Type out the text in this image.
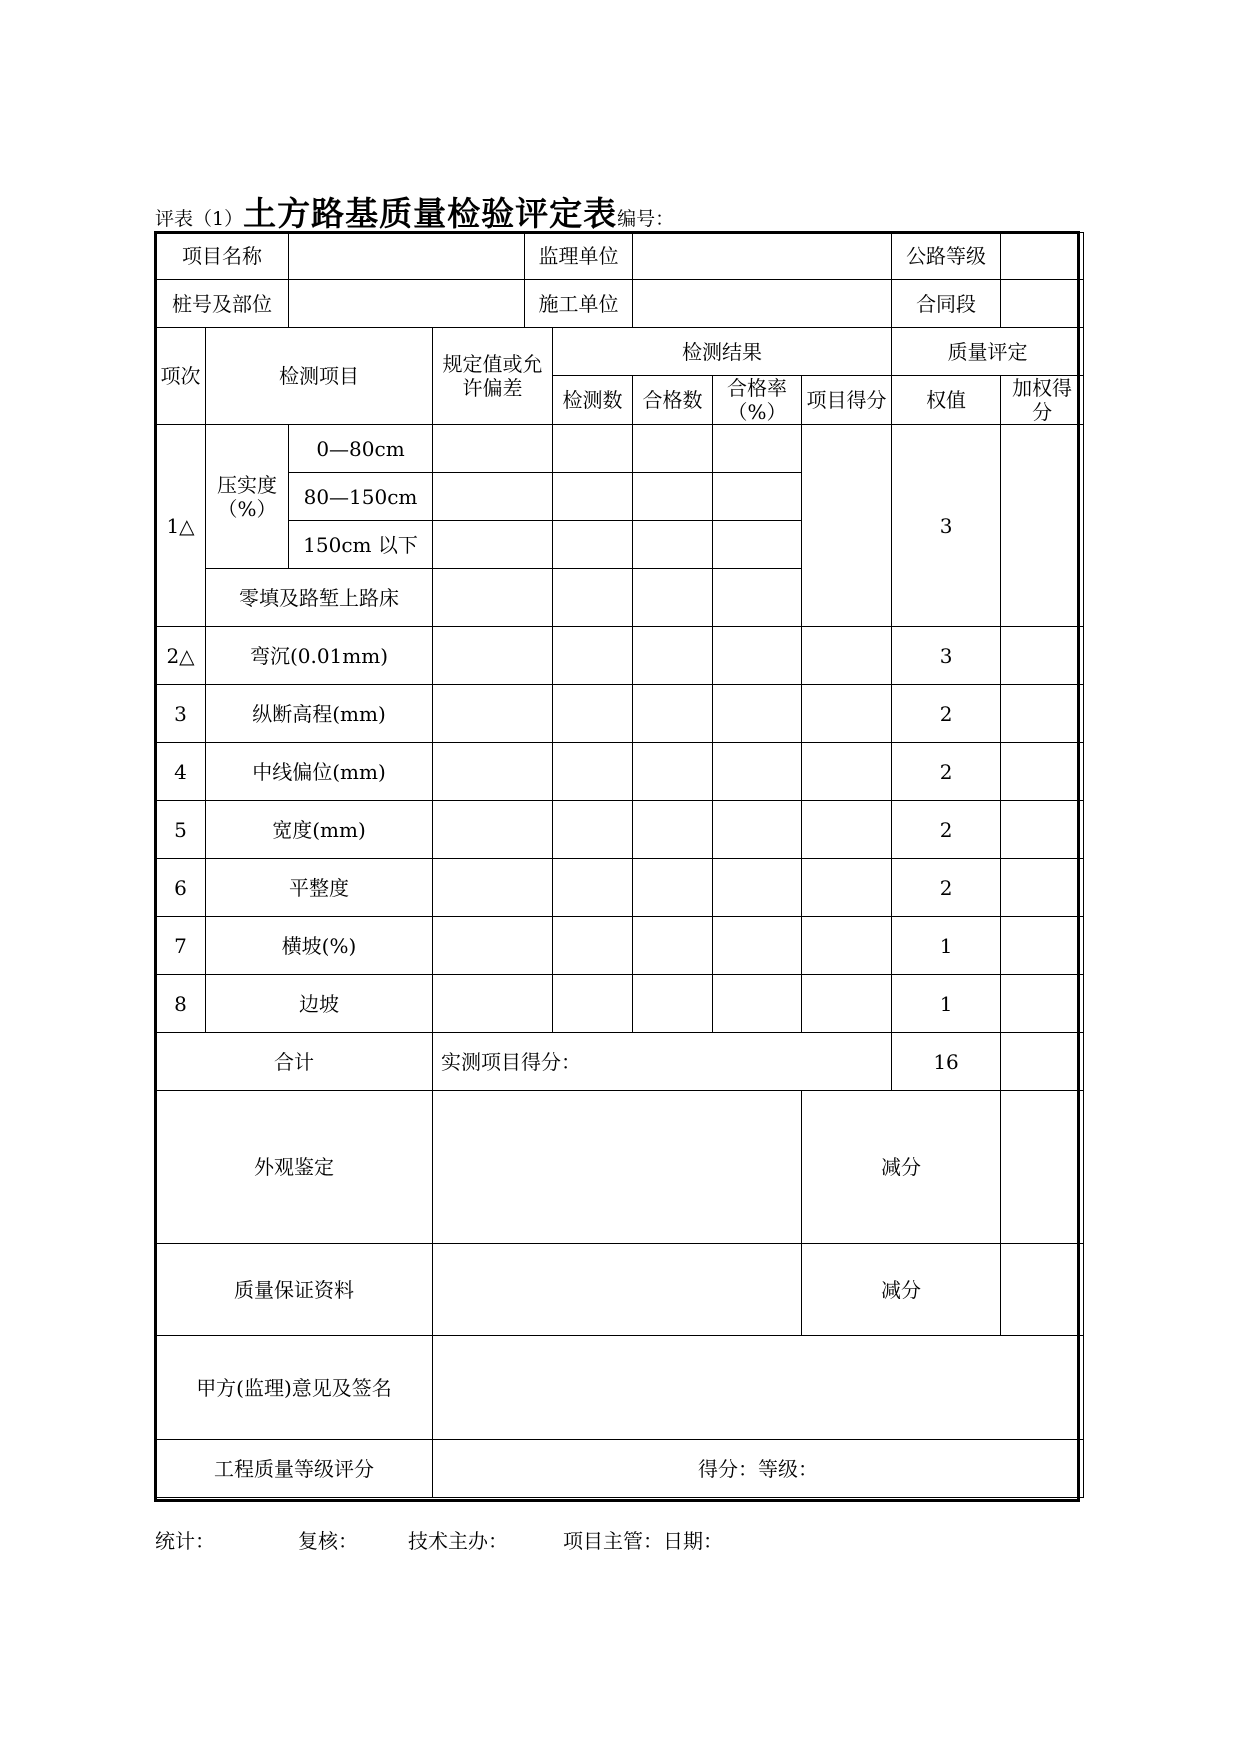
评表（1）土方路基质量检验评定表编号：
项目名称				监理单位					公路等级	
桩号及部位				施工单位					合同段	
项次	检测项目		规定值或允许偏差		检测结果				质量评定	
					检测数	合格数	合格率（%）	项目得分	权值	加权得分
1△	压实度（%）	0—80cm							3	
		80—150cm								
		150cm 以下								
	零填及路堑上路床									
2△	弯沉(0.01mm)								3	
3	纵断高程(mm)								2	
4	中线偏位(mm)								2	
5	宽度(mm)								2	
6	平整度								2	
7	横坡(%)								1	
8	边坡								1	
合计			实测项目得分：						16	
外观鉴定								减分		
质量保证资料								减分		
甲方(监理)意见及签名										
工程质量等级评分			得分：等级：							
统计：	复核：	技术主办：	项目主管：日期：
